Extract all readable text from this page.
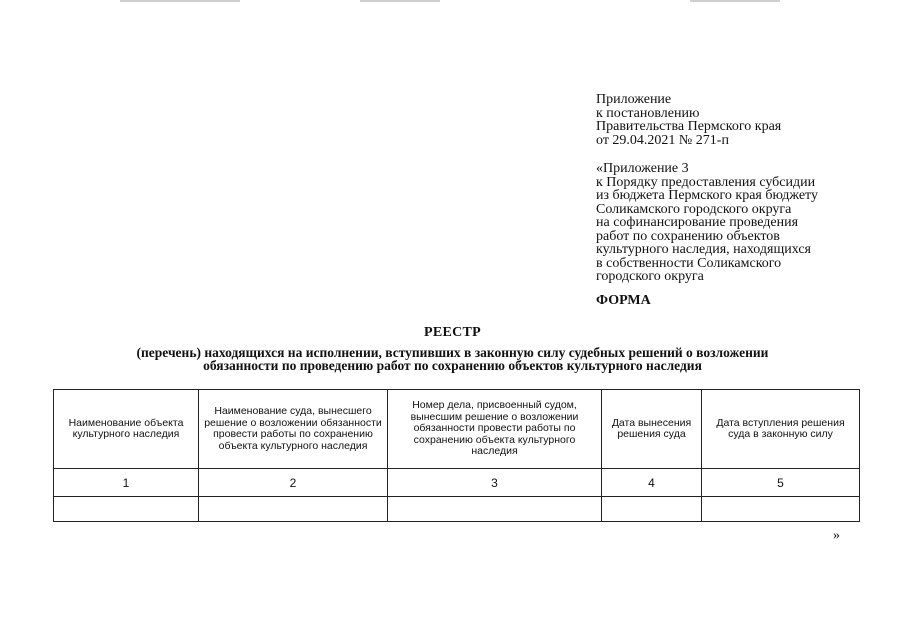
Приложение
к постановлению
Правительства Пермского края
от 29.04.2021 № 271-п
«Приложение 3
к Порядку предоставления субсидии
из бюджета Пермского края бюджету
Соликамского городского округа
на софинансирование проведения
работ по сохранению объектов
культурного наследия, находящихся
в собственности Соликамского
городского округа
ФОРМА
РЕЕСТР
(перечень) находящихся на исполнении, вступивших в законную силу судебных решений о возложении
обязанности по проведению работ по сохранению объектов культурного наследия
Наименование объекта культурного наследия	Наименование суда, вынесшего решение о возложении обязанности провести работы по сохранению объекта культурного наследия	Номер дела, присвоенный судом, вынесшим решение о возложении обязанности провести работы по сохранению объекта культурного наследия	Дата вынесения решения суда	Дата вступления решения суда в законную силу
1	2	3	4	5

»
